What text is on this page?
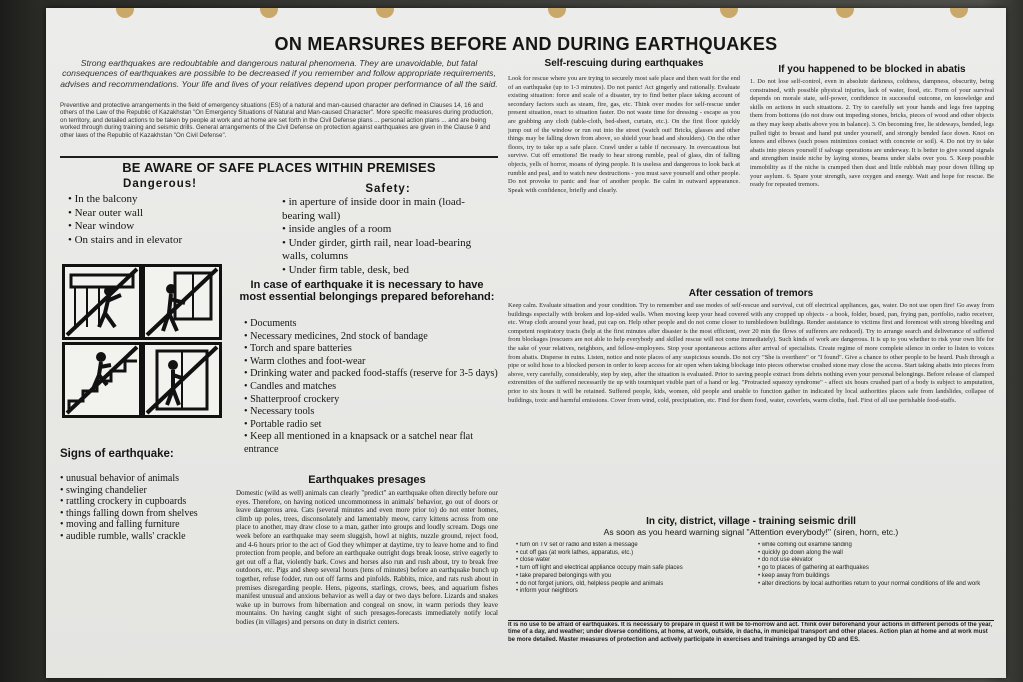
ON MEARSURES BEFORE AND DURING EARTHQUAKES
Strong earthquakes are redoubtable and dangerous natural phenomena. They are unavoidable, but fatal consequences of earthquakes are possible to be decreased if you remember and follow appropriate requirements, advises and recommendations. Your life and lives of your relatives depend upon proper performance of all the said.
Preventive and protective arrangements in the field of emergency situations (ES) of a natural and man-caused character are defined in Clauses 14, 16 and others of the Law of the Republic of Kazakhstan "On Emergency Situations of Natural and Man-caused Character". More specific measures during production, on territory, and detailed actions to be taken by people at work and at home are set forth in the Civil Defense plans ... personal action plans ... and are being worked through during training and seismic drills. General arrangements of the Civil Defense on protection against earthquakes are given in the Clause 9 and other laws of the Republic of Kazakhstan "On Civil Defense".
BE AWARE OF SAFE PLACES WITHIN PREMISES
Dangerous!
• In the balcony
• Near outer wall
• Near window
• On stairs and in elevator
Safety:
• in aperture of inside door in main (load-bearing wall)
• inside angles of a room
• Under girder, girth rail, near load-bearing walls, columns
• Under firm table, desk, bed
In case of earthquake it is necessary to have most essential belongings prepared beforehand:
• Documents
• Necessary medicines, 2nd stock of bandage
• Torch and spare batteries
• Warm clothes and foot-wear
• Drinking water and packed food-staffs (reserve for 3-5 days)
• Candles and matches
• Shatterproof crockery
• Necessary tools
• Portable radio set
• Keep all mentioned in a knapsack or a satchel near flat entrance
Signs of earthquake:
• unusual behavior of animals
• swinging chandelier
• rattling crockery in cupboards
• things falling down from shelves
• moving and falling furniture
• audible rumble, walls' crackle
Earthquakes presages
Domestic (wild as well) animals can clearly "predict" an earthquake often directly before our eyes. Therefore, on having noticed uncommonness in animals' behavior, go out of doors or leave dangerous area. Cats (several minutes and even more prior to) do not enter homes, climb up poles, trees, disconsolately and lamentably meow, carry kittens across from one place to another, may draw close to a man, gather into groups and loudly scream. Dogs one week before an earthquake may seem sluggish, howl at nights, nuzzle ground, reject food, and 4-6 hours prior to the act of God they whimper at daytime, try to leave home and to find protection from people, and before an earthquake outright dogs break loose, strive eagerly to get out off a flat, violently bark. Cows and horses also run and rush about, try to break free outdoors, etc. Pigs and sheep several hours (tens of minutes) before an earthquake bunch up together, refuse fodder, run out off farms and pinfolds. Rabbits, mice, and rats rush about in premises disregarding people. Hens, pigeons, starlings, crows, bees, and aquarium fishes manifest unusual and anxious behavior as well a day or two days before. Lizards and snakes wake up in burrows from hibernation and congeal on snow, in warm periods they leave mountains. On having caught sight of such presages-forecasts immediately notify local bodies (in villages) and persons on duty in district centers.
Self-rescuing during earthquakes
Look for rescue where you are trying to securely most safe place and then wait for the end of an earthquake (up to 1-3 minutes). Do not panic! Act gingerly and rationally. Evaluate existing situation: force and scale of a disaster, try to find better place taking account of secondary factors such as steam, fire, gas, etc. Think over modes for self-rescue under present situation, react to situation faster. Do not waste time for dressing - escape as you are grabbing any cloth (table-cloth, bed-sheet, curtain, etc.). On the first floor quickly jump out of the window or run out into the street (watch out! Bricks, glasses and other things may be falling down from above, so shield your head and shoulders). On the other floors, try to take up a safe place. Crawl under a table if necessary. In overcautious but survive. Cut off emotions! Be ready to hear strong rumble, peal of glass, din of falling objects, yells of horror, moans of dying people. It is useless and dangerous to look back at rumble and peal, and to watch new destructions - you must save yourself and other people. Do not provoke to panic and fear of another people. Be calm in outward appearance. Speak with confidence, briefly and clearly.
If you happened to be blocked in abatis
1. Do not lose self-control, even in absolute darkness, coldness, dampness, obscurity, being constrained, with possible physical injuries, lack of water, food, etc. Form of your survival depends on morale state, self-power, confidence in successful outcome, on knowledge and skills on actions in such situations. 2. Try to carefully set your hands and legs free tapping them from bottoms (do not draw out impeding stones, bricks, pieces of wood and other objects as they may keep abatis above you in balance). 3. On becoming free, lie sideways, bended, legs pulled tight to breast and hand put under yourself, and strongly bended face down. Knot on knees and elbows (such poses minimizes contact with concrete or soil). 4. Do not try to take abatis into pieces yourself if salvage operations are underway. It is better to give sound signals and strengthen inside niche by laying stones, beams under slabs over you. 5. Keep possible immobility as if the niche is cramped then dust and little rubbish may pour down filling up your asylum. 6. Spare your strength, save oxygen and energy. Wait and hope for rescue. Be ready for repeated tremors.
After cessation of tremors
Keep calm. Evaluate situation and your condition. Try to remember and use modes of self-rescue and survival, cut off electrical appliances, gas, water. Do not use open fire! Go away from buildings especially with broken and lop-sided walls. When moving keep your head covered with any cropped up objects - a book, folder, board, pan, frying pan, portfolio, radio receiver, etc. Wrap cloth around your head, put cap on. Help other people and do not come closer to tumbledown buildings. Render assistance to victims first and foremost with strong bleeding and competent respiratory tracts (help at the first minutes after disaster is the most efficient, over 20 min the flows of sufferers are reduced). Try to arrange search and deliverance of suffered from blockages (rescuers are not able to help everybody and skilled rescue will not come immediately). Such kinds of work are dangerous. It is up to you whether to risk your own life for the sake of your relatives, neighbors, and fellow-employees. Stop your spontaneous actions after arrival of specialists. Create regime of more complete silence in order to listen to voices from abatis. Disperse in ruins. Listen, notice and note places of any suspicious sounds. Do not cry "She is overthere" or "I found". Give a chance to other people to be heard. Push through a pipe or solid hose to a blocked person in order to keep access for air open when taking blockage into pieces otherwise crushed stone may close the access. Start taking abatis into pieces from above, very carefully, considerably, step by step, after the situation is evaluated. Prior to saving people extract from debris nothing even your personal belongings. Before release of clamped extremities of the suffered necessarily tie up with tourniquet visible part of a hand or leg. "Protracted squeezy syndrome" - affect six hours crushed part of a body is subject to amputation, prior to six hours it will be retained. Suffered people, kids, women, old people and unable to function gather in indicated by local authorities places safe from landslides, collapse of buildings, toxic and harmful emissions. Cover from wind, cold, precipitation, etc. Find for them food, water, coverlets, warm cloths, fuel. First of all use perishable food-staffs.
In city, district, village - training seismic drill
As soon as you heard warning signal "Attention everybody!" (siren, horn, etc.)
• turn on TV set or radio and listen a message
• cut off gas (at work lathes, apparatus, etc.)
• close water
• turn off light and electrical appliance occupy main safe places
• take prepared belongings with you
• do not forget juniors, old, helpless people and animals
• inform your neighbors
• while coming out examine landing
• quickly go down along the wall
• do not use elevator
• go to places of gathering at earthquakes
• keep away from buildings
• alter directions by local authorities return to your normal conditions of life and work
It is no use to be afraid of earthquakes. It is necessary to prepare in quest it will be to-morrow and act. Think over beforehand your actions in different periods of the year, time of a day, and weather; under diverse conditions, at home, at work, outside, in dacha, in municipal transport and other places. Action plan at home and at work must be more detailed. Master measures of protection and actively participate in exercises and trainings arranged by CD and ES.
